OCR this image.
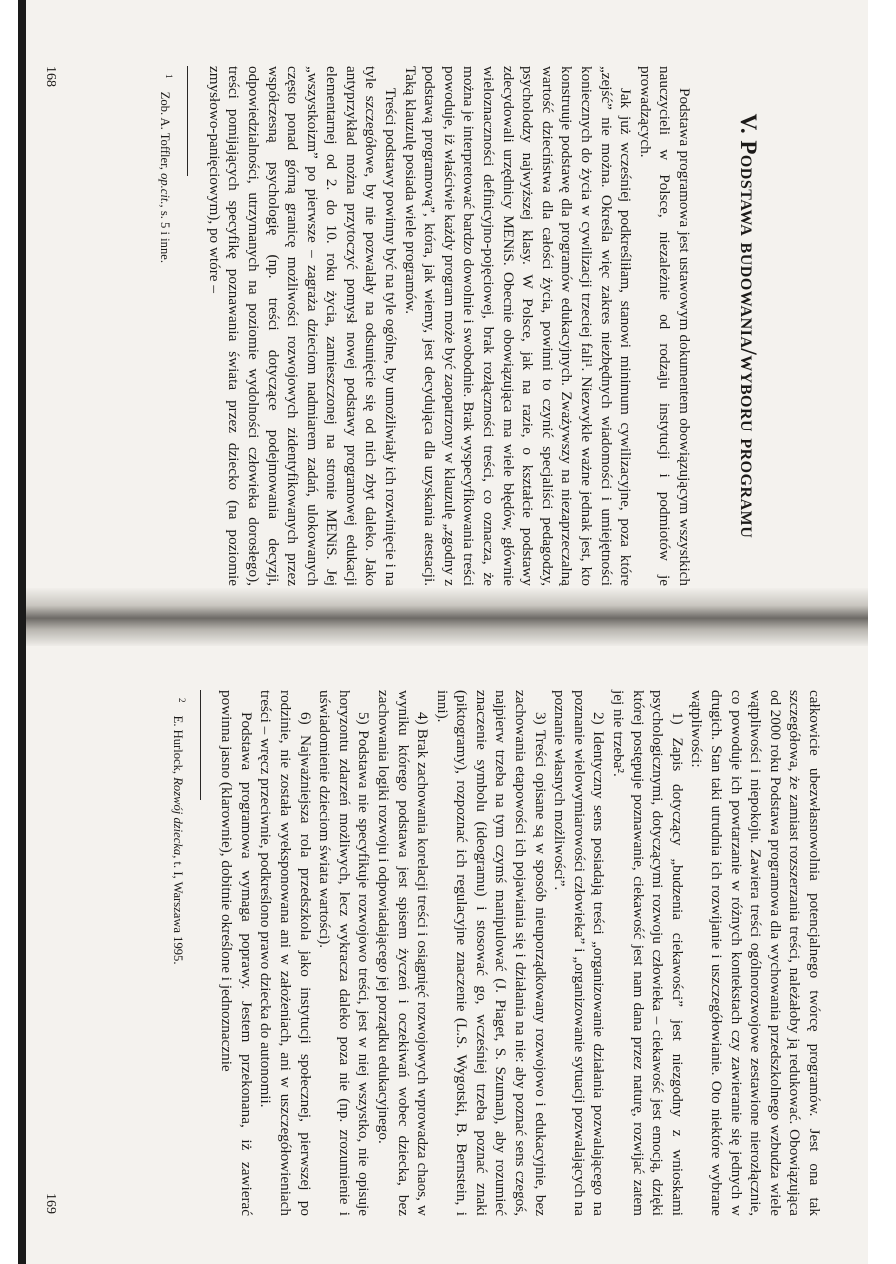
V. Podstawa budowania/wyboru programu

Podstawa programowa jest ustawowym dokumentem obowiązującym wszystkich nauczycieli w Polsce, niezależnie od rodzaju instytucji i podmiotów je prowadzących.

Jak już wcześniej podkreśliłam, stanowi minimum cywilizacyjne, poza które „zejść” nie można. Określa więc zakres niezbędnych wiadomości i umiejętności koniecznych do życia w cywilizacji trzeciej fali¹. Niezwykle ważne jednak jest, kto konstruuje podstawę dla programów edukacyjnych. Zważywszy na niezaprzeczalną wartość dzieciństwa dla całości życia, powinni to czynić specjaliści pedagodzy, psycholodzy najwyższej klasy. W Polsce, jak na razie, o kształcie podstawy zdecydowali urzędnicy MENiS. Obecnie obowiązująca ma wiele błędów, głównie wieloznaczności definicyjno-pojęciowej, brak rozłączności treści, co oznacza, że można je interpretować bardzo dowolnie i swobodnie. Brak wyspecyfikowania treści powoduje, iż właściwie każdy program może być zaopatrzony w klauzulę „zgodny z podstawą programową”, która, jak wiemy, jest decydująca dla uzyskania atestacji. Taką klauzulę posiada wiele programów.

Treści podstawy powinny być na tyle ogólne, by umożliwiały ich rozwinięcie i na tyle szczegółowe, by nie pozwalały na odsunięcie się od nich zbyt daleko. Jako antyprzykład można przytoczyć pomysł nowej podstawy programowej edukacji elementarnej od 2. do 10. roku życia, zamieszczonej na stronie MENiS. Jej „wszystkoizm” po pierwsze – zagraża dzieciom nadmiarem zadań, ulokowanych często ponad górną granicę możliwości rozwojowych zidentyfikowanych przez współczesną psychologię (np. treści dotyczące podejmowania decyzji, odpowiedzialności, utrzymanych na poziomie wydolności człowieka dorosłego), treści pomijających specyfikę poznawania świata przez dziecko (na poziomie zmysłowo-panięciowym), po wtóre –

$^1$ Zob. A. Toffler, op.cit., s. 5 i inne.

168

całkowicie ubezwłasnowolnia potencjalnego twórcę programów. Jest ona tak szczegółowa, że zamiast rozszerzania treści, należałoby ją redukować. Obowiązująca od 2000 roku Podstawa programowa dla wychowania przedszkolnego wzbudza wiele wątpliwości i niepokoju. Zawiera treści ogólnorozwojowe zestawione nierozłącznie, co powoduje ich powtarzanie w różnych kontekstach czy zawieranie się jednych w drugich. Stan taki utrudnia ich rozwijanie i uszczegółowianie. Oto niektóre wybrane wątpliwości:

1) Zapis dotyczący „budzenia ciekawości” jest niezgodny z wnioskami psychologicznymi, dotyczącymi rozwoju człowieka – ciekawość jest emocją, dzięki której postępuje poznawanie, ciekawość jest nam dana przez naturę, rozwijać zatem jej nie trzeba².

2) Identyczny sens posiadają treści „organizowanie działania pozwalającego na poznanie wielowymiarowości człowieka” i „organizowanie sytuacji pozwalających na poznanie własnych możliwości”.

3) Treści opisane są w sposób nieuporządkowany rozwojowo i edukacyjnie, bez zachowania etapowości ich pojawiania się i działania na nie: aby poznać sens czegoś, najpierw trzeba na tym czymś manipulować (J. Piaget, S. Szuman), aby rozumieć znaczenie symbolu (ideogramu) i stosować go, wcześniej trzeba poznać znaki (piktogramy), rozpoznać ich regulacyjne znaczenie (L.S. Wygotski, B. Bernstein, i inni).

4) Brak zachowania korelacji treści i osiągnięć rozwojowych wprowadza chaos, w wyniku którego podstawa jest spisem życzeń i oczekiwań wobec dziecka, bez zachowania logiki rozwoju i odpowiadającego jej porządku edukacyjnego.

5) Podstawa nie specyfikuje rozwojowo treści, jest w niej wszystko, nie opisuje horyzontu zdarzeń możliwych, lecz wykracza daleko poza nie (np. zrozumienie i uświadomienie dzieciom świata wartości).

6) Najważniejsza rola przedszkola jako instytucji społecznej, pierwszej po rodzinie, nie została wyeksponowana ani w założeniach, ani w uszczegółowieniach treści – wręcz przeciwnie, podkreślono prawo dziecka do autonomii.

Podstawa programowa wymaga poprawy. Jestem przekonana, iż zawierać powinna jasno (klarownie), dobitnie określone i jednoznacznie

$^2$ E. Hurlock, Rozwój dziecka, t. I, Warszawa 1995.

169
